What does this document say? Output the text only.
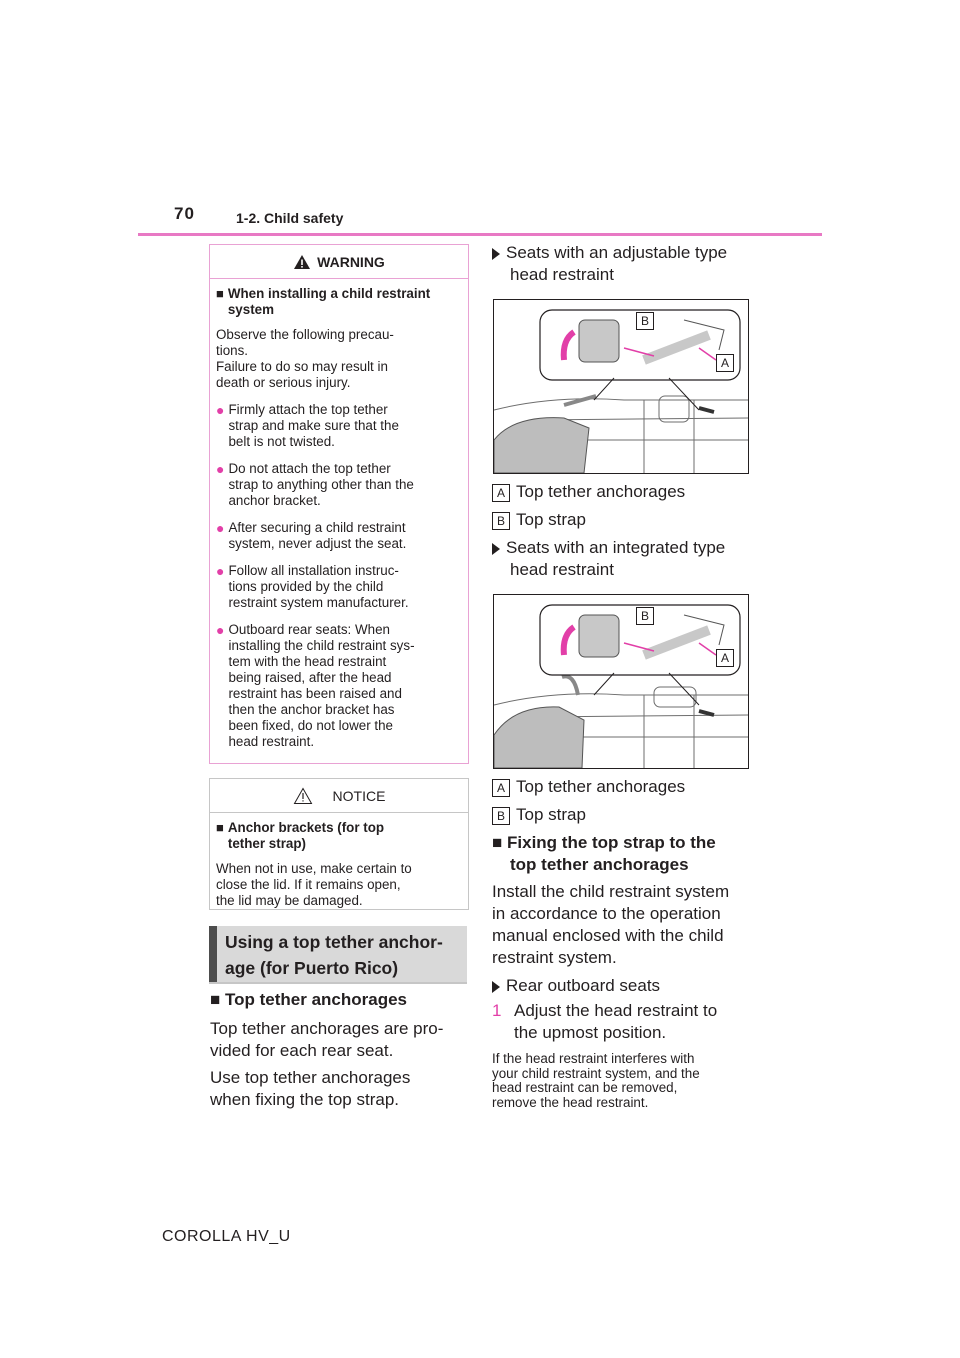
70	1-2. Child safety
WARNING
■ When installing a child restraint system
Observe the following precau-
tions.
Failure to do so may result in
death or serious injury.
● Firmly attach the top tether
strap and make sure that the
belt is not twisted.
● Do not attach the top tether
strap to anything other than the
anchor bracket.
● After securing a child restraint
system, never adjust the seat.
● Follow all installation instruc-
tions provided by the child
restraint system manufacturer.
● Outboard rear seats: When
installing the child restraint sys-
tem with the head restraint
being raised, after the head
restraint has been raised and
then the anchor bracket has
been fixed, do not lower the
head restraint.
NOTICE
■ Anchor brackets (for top
tether strap)
When not in use, make certain to
close the lid. If it remains open,
the lid may be damaged.
Using a top tether anchor-
age (for Puerto Rico)
■ Top tether anchorages
Top tether anchorages are pro-
vided for each rear seat.
Use top tether anchorages
when fixing the top strap.
Seats with an adjustable type
head restraint
B
A
A Top tether anchorages
B Top strap
Seats with an integrated type
head restraint
B
A
A Top tether anchorages
B Top strap
■ Fixing the top strap to the
top tether anchorages
Install the child restraint system
in accordance to the operation
manual enclosed with the child
restraint system.
Rear outboard seats
1 Adjust the head restraint to
the upmost position.
If the head restraint interferes with
your child restraint system, and the
head restraint can be removed,
remove the head restraint.
COROLLA HV_U
